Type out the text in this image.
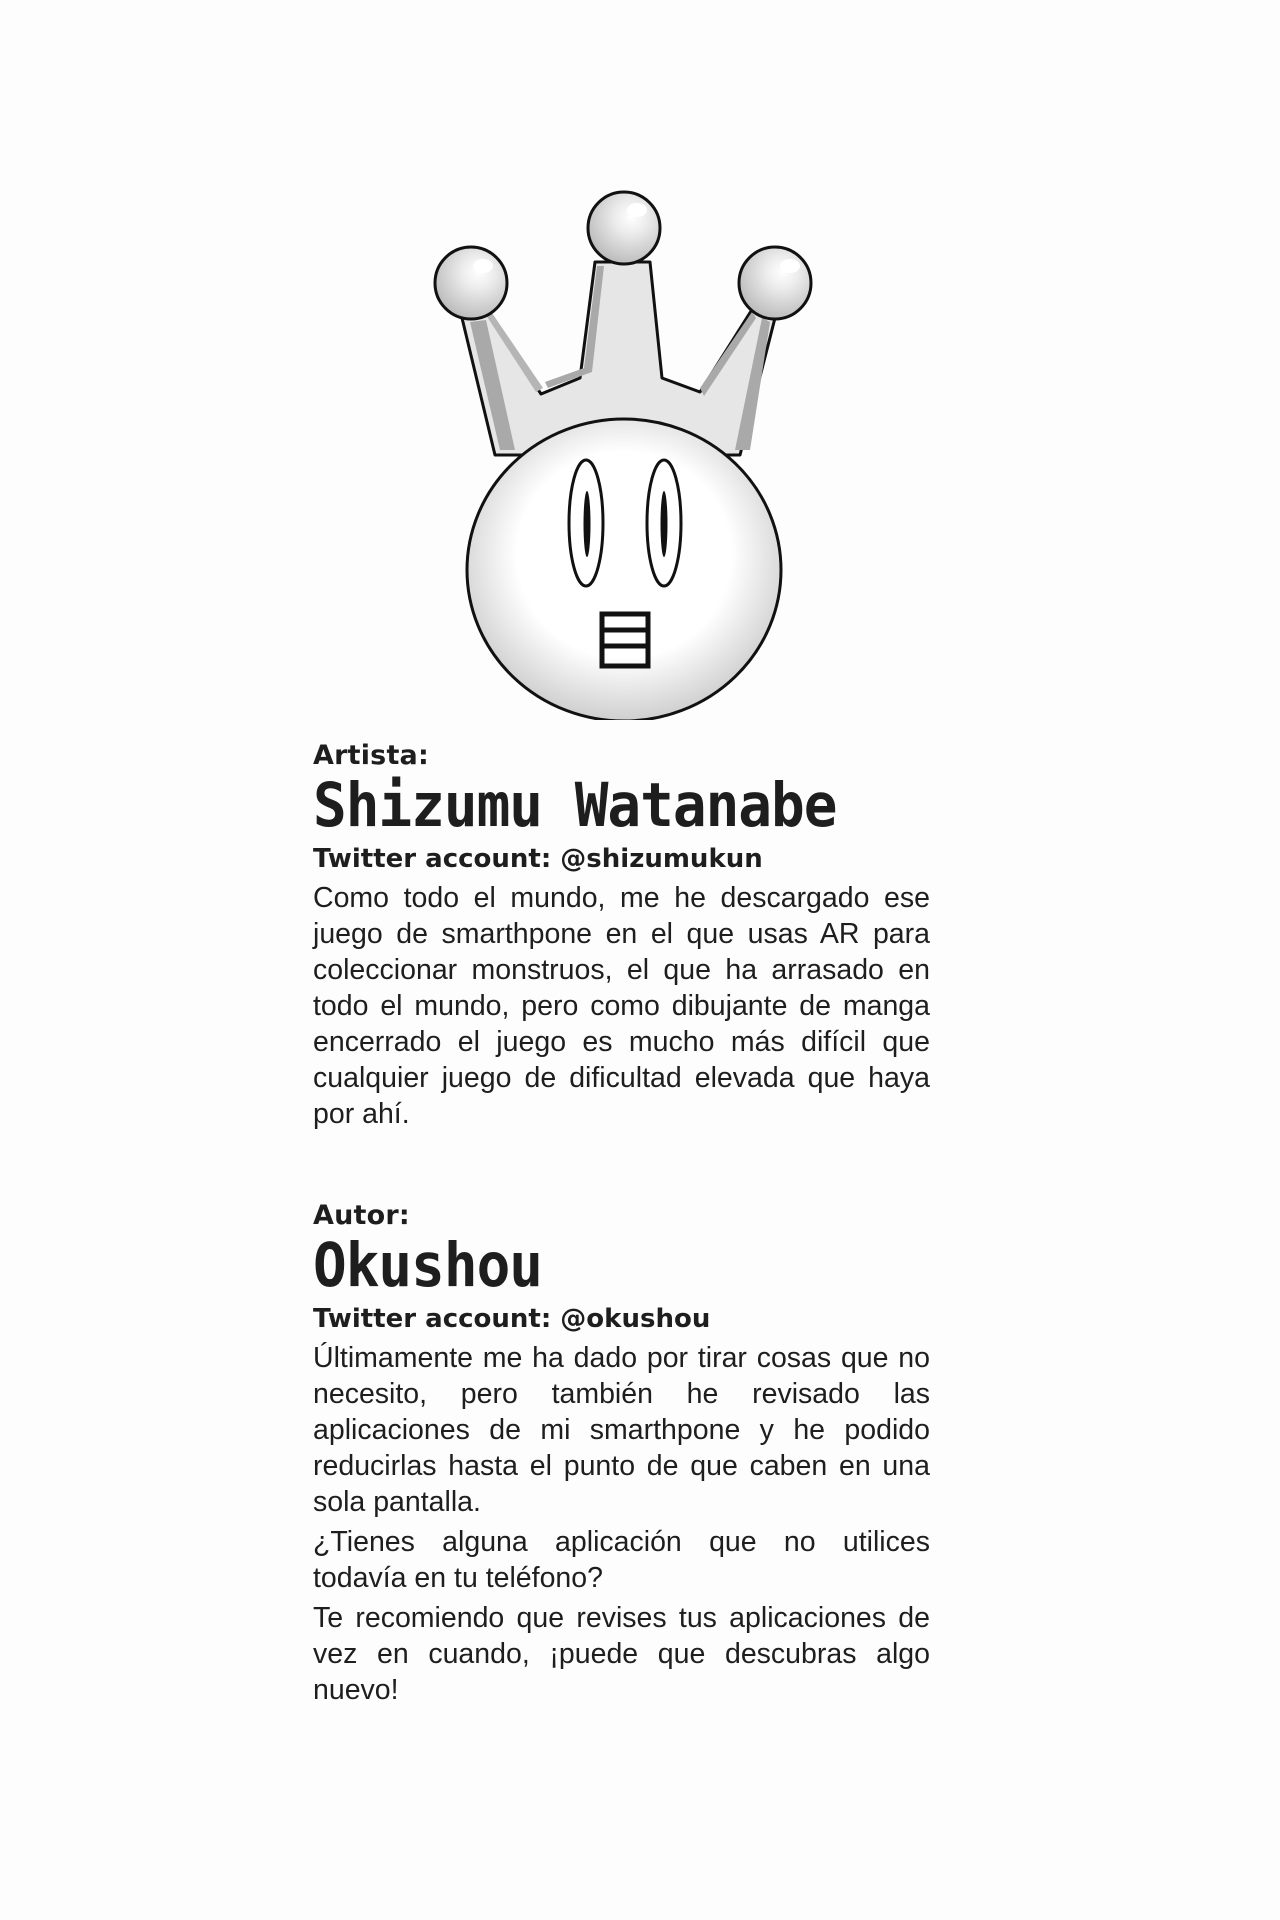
Artista:
Shizumu Watanabe
Twitter account: @shizumukun

Como todo el mundo, me he descargado ese juego de smarthpone en el que usas AR para coleccionar monstruos, el que ha arrasado en todo el mundo, pero como dibujante de manga encerrado el juego es mucho más difícil que cualquier juego de dificultad elevada que haya por ahí.

Autor:
Okushou
Twitter account: @okushou

Últimamente me ha dado por tirar cosas que no necesito, pero también he revisado las aplicaciones de mi smarthpone y he podido reducirlas hasta el punto de que caben en una sola pantalla.

¿Tienes alguna aplicación que no utilices todavía en tu teléfono?

Te recomiendo que revises tus aplicaciones de vez en cuando, ¡puede que descubras algo nuevo!
